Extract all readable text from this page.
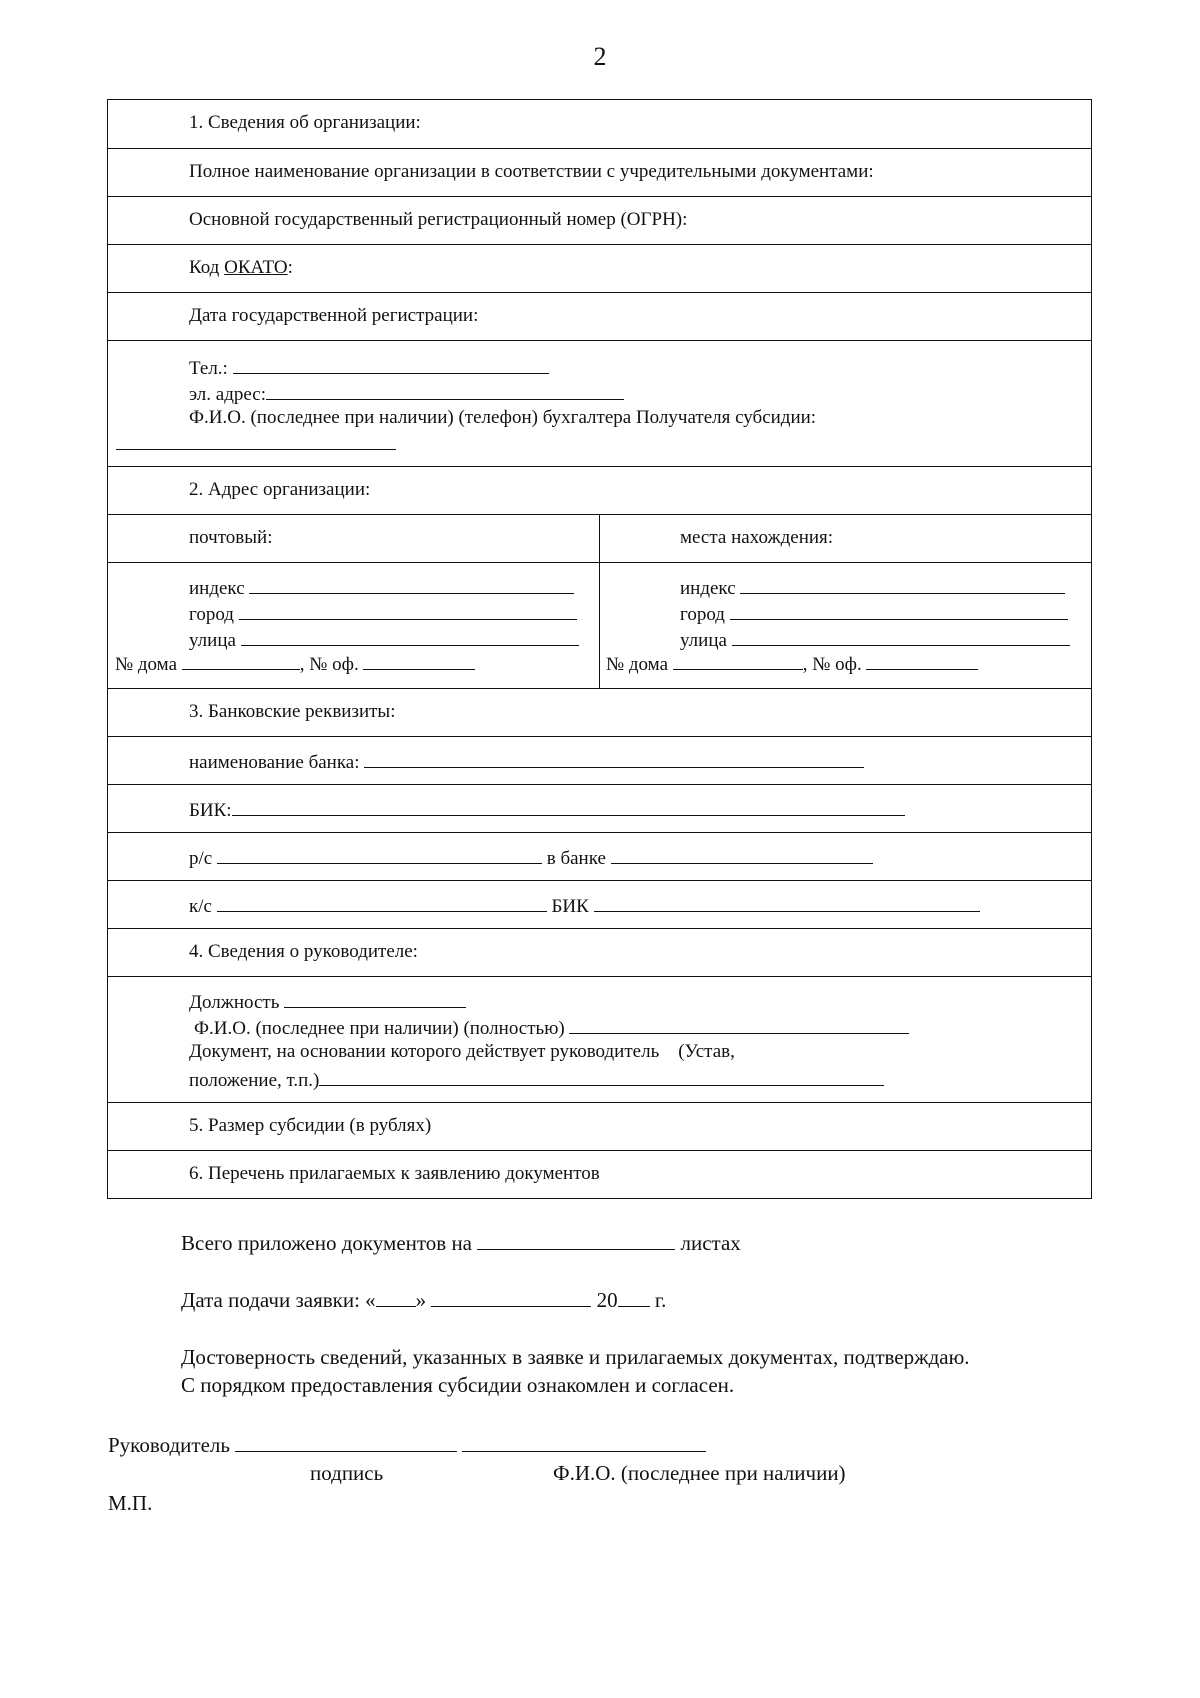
2
1. Сведения об организации:
Полное наименование организации в соответствии с учредительными документами:
Основной государственный регистрационный номер (ОГРН):
Код ОКАТО:
Дата государственной регистрации:
Тел.:
эл. адрес:
Ф.И.О. (последнее при наличии) (телефон) бухгалтера Получателя субсидии:
2. Адрес организации:
почтовый:	места нахождения:
индекс
город
улица
№ дома	, № оф.
индекс
город
улица
№ дома	, № оф.
3. Банковские реквизиты:
наименование банка:
БИК:
р/с	в банке
к/с	БИК
4. Сведения о руководителе:
Должность
Ф.И.О. (последнее при наличии) (полностью)
Документ, на основании которого действует руководитель (Устав,
положение, т.п.)
5. Размер субсидии (в рублях)
6. Перечень прилагаемых к заявлению документов
Всего приложено документов на	листах
Дата подачи заявки: « »	20 г.
Достоверность сведений, указанных в заявке и прилагаемых документах, подтверждаю.
С порядком предоставления субсидии ознакомлен и согласен.
Руководитель
подпись	Ф.И.О. (последнее при наличии)
М.П.
